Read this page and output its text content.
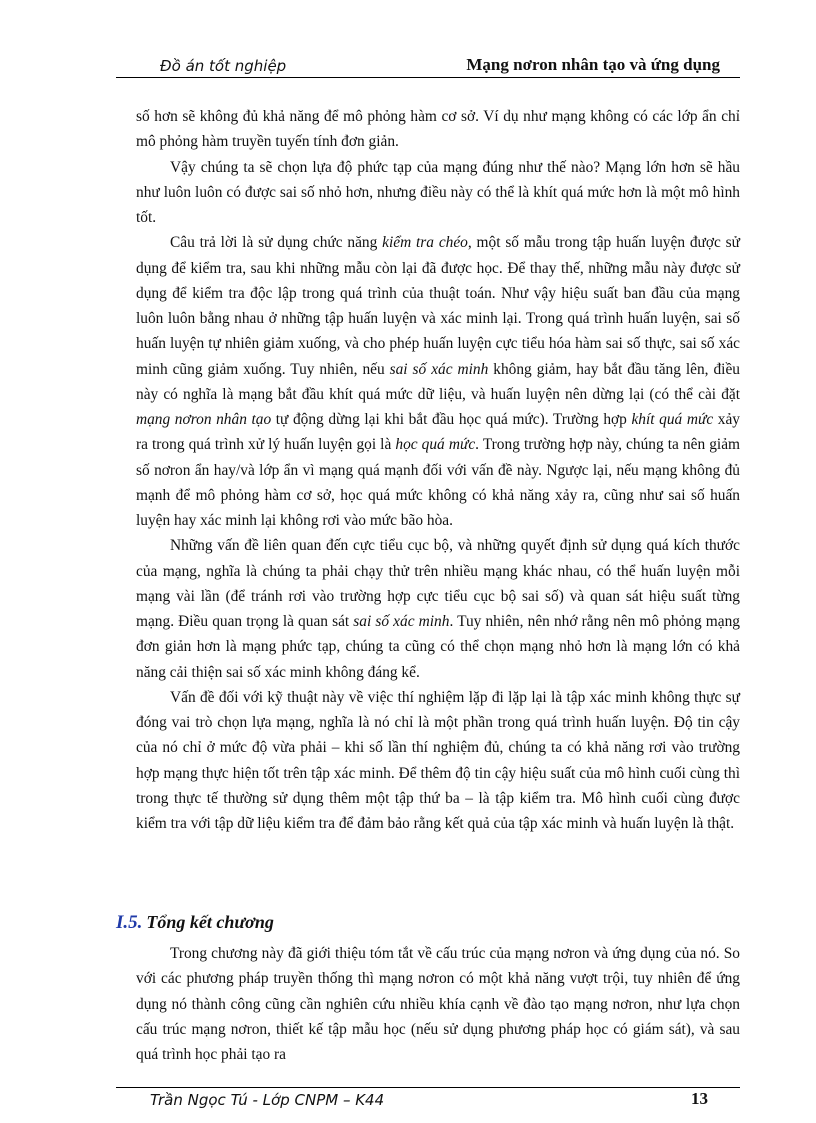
Đồ án tốt nghiệp	Mạng nơron nhân tạo và ứng dụng

số hơn sẽ không đủ khả năng để mô phỏng hàm cơ sở. Ví dụ như mạng không có các lớp ẩn chỉ mô phỏng hàm truyền tuyến tính đơn giản.

Vậy chúng ta sẽ chọn lựa độ phức tạp của mạng đúng như thế nào? Mạng lớn hơn sẽ hầu như luôn luôn có được sai số nhỏ hơn, nhưng điều này có thể là khít quá mức hơn là một mô hình tốt.

Câu trả lời là sử dụng chức năng kiểm tra chéo, một số mẫu trong tập huấn luyện được sử dụng để kiểm tra, sau khi những mẫu còn lại đã được học. Để thay thế, những mẫu này được sử dụng để kiểm tra độc lập trong quá trình của thuật toán. Như vậy hiệu suất ban đầu của mạng luôn luôn bằng nhau ở những tập huấn luyện và xác minh lại. Trong quá trình huấn luyện, sai số huấn luyện tự nhiên giảm xuống, và cho phép huấn luyện cực tiểu hóa hàm sai số thực, sai số xác minh cũng giảm xuống. Tuy nhiên, nếu sai số xác minh không giảm, hay bắt đầu tăng lên, điều này có nghĩa là mạng bắt đầu khít quá mức dữ liệu, và huấn luyện nên dừng lại (có thể cài đặt mạng nơron nhân tạo tự động dừng lại khi bắt đầu học quá mức). Trường hợp khít quá mức xảy ra trong quá trình xử lý huấn luyện gọi là học quá mức. Trong trường hợp này, chúng ta nên giảm số nơron ẩn hay/và lớp ẩn vì mạng quá mạnh đối với vấn đề này. Ngược lại, nếu mạng không đủ mạnh để mô phỏng hàm cơ sở, học quá mức không có khả năng xảy ra, cũng như sai số huấn luyện hay xác minh lại không rơi vào mức bão hòa.

Những vấn đề liên quan đến cực tiểu cục bộ, và những quyết định sử dụng quá kích thước của mạng, nghĩa là chúng ta phải chạy thử trên nhiều mạng khác nhau, có thể huấn luyện mỗi mạng vài lần (để tránh rơi vào trường hợp cực tiểu cục bộ sai số) và quan sát hiệu suất từng mạng. Điều quan trọng là quan sát sai số xác minh. Tuy nhiên, nên nhớ rằng nên mô phỏng mạng đơn giản hơn là mạng phức tạp, chúng ta cũng có thể chọn mạng nhỏ hơn là mạng lớn có khả năng cải thiện sai số xác minh không đáng kể.

Vấn đề đối với kỹ thuật này về việc thí nghiệm lặp đi lặp lại là tập xác minh không thực sự đóng vai trò chọn lựa mạng, nghĩa là nó chỉ là một phần trong quá trình huấn luyện. Độ tin cậy của nó chỉ ở mức độ vừa phải – khi số lần thí nghiệm đủ, chúng ta có khả năng rơi vào trường hợp mạng thực hiện tốt trên tập xác minh. Để thêm độ tin cậy hiệu suất của mô hình cuối cùng thì trong thực tế thường sử dụng thêm một tập thứ ba – là tập kiểm tra. Mô hình cuối cùng được kiểm tra với tập dữ liệu kiểm tra để đảm bảo rằng kết quả của tập xác minh và huấn luyện là thật.

I.5. Tổng kết chương

Trong chương này đã giới thiệu tóm tắt về cấu trúc của mạng nơron và ứng dụng của nó. So với các phương pháp truyền thống thì mạng nơron có một khả năng vượt trội, tuy nhiên để ứng dụng nó thành công cũng cần nghiên cứu nhiều khía cạnh về đào tạo mạng nơron, như lựa chọn cấu trúc mạng nơron, thiết kế tập mẫu học (nếu sử dụng phương pháp học có giám sát), và sau quá trình học phải tạo ra

Trần Ngọc Tú - Lớp CNPM – K44	13
